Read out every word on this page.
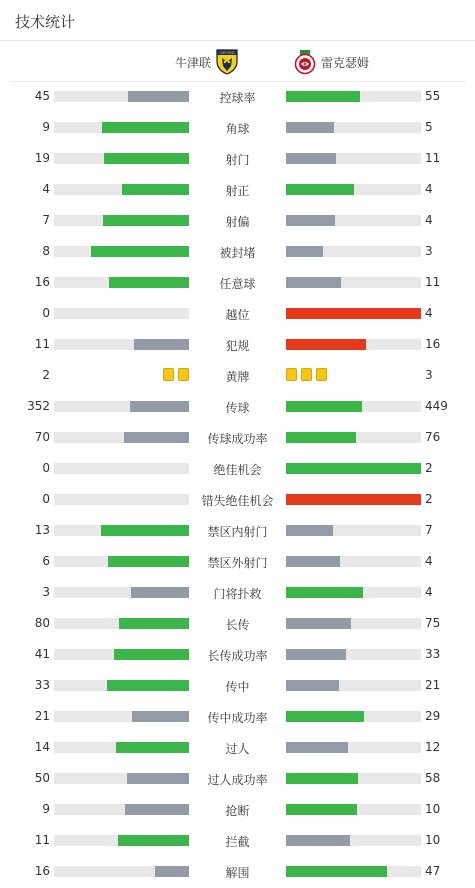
技术统计
牛津联
OXFORD
雷克瑟姆
45	控球率	55
9	角球	5
19	射门	11
4	射正	4
7	射偏	4
8	被封堵	3
16	任意球	11
0	越位	4
11	犯规	16
2	黄牌	3
352	传球	449
70	传球成功率	76
0	绝佳机会	2
0	错失绝佳机会	2
13	禁区内射门	7
6	禁区外射门	4
3	门将扑救	4
80	长传	75
41	长传成功率	33
33	传中	21
21	传中成功率	29
14	过人	12
50	过人成功率	58
9	抢断	10
11	拦截	10
16	解围	47
